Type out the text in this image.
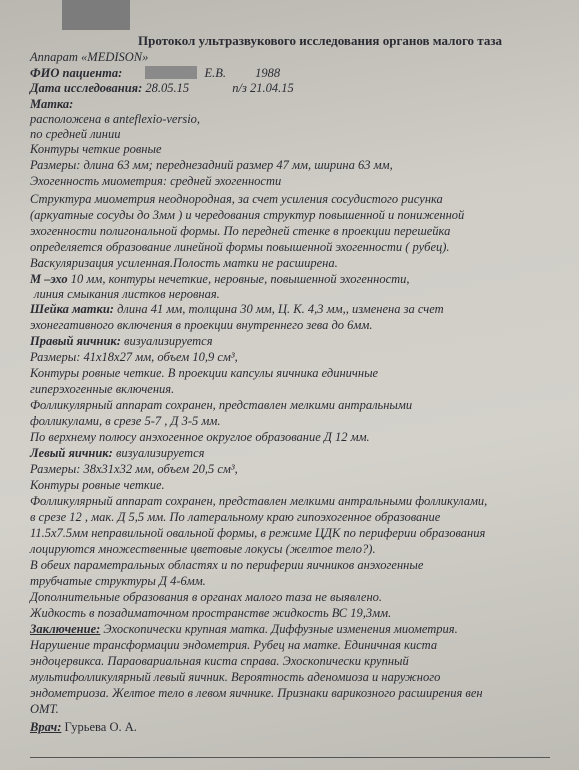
Протокол ультразвукового исследования органов малого таза
Аппарат «MEDISON»
ФИО пациента:	Е.В. 1988
Дата исследования: 28.05.15	п/з 21.04.15
Матка:
расположена в anteflexio-versio,
по средней линии
Контуры четкие ровные
Размеры: длина 63 мм; переднезадний размер 47 мм, ширина 63 мм,
Эхогенность миометрия: средней эхогенности
Структура миометрия неоднородная, за счет усиления сосудистого рисунка
(аркуатные сосуды до 3мм ) и чередования структур повышенной и пониженной
эхогенности полигональной формы. По передней стенке в проекции перешейка
определяется образование линейной формы повышенной эхогенности ( рубец).
Васкуляризация усиленная.Полость матки не расширена.
М –эхо 10 мм, контуры нечеткие, неровные, повышенной эхогенности,
линия смыкания листков неровная.
Шейка матки: длина 41 мм, толщина 30 мм, Ц. К. 4,3 мм,, изменена за счет
эхонегативного включения в проекции внутреннего зева до 6мм.
Правый яичник: визуализируется
Размеры: 41х18х27 мм, объем 10,9 см³,
Контуры ровные четкие. В проекции капсулы яичника единичные
гиперэхогенные включения.
Фолликулярный аппарат сохранен, представлен мелкими антральными
фолликулами, в срезе 5-7 , Д 3-5 мм.
По верхнему полюсу анэхогенное округлое образование Д 12 мм.
Левый яичник: визуализируется
Размеры: 38х31х32 мм, объем 20,5 см³,
Контуры ровные четкие.
Фолликулярный аппарат сохранен, представлен мелкими антральными фолликулами,
в срезе 12 , мак. Д 5,5 мм. По латеральному краю гипоэхогенное образование
11.5х7.5мм неправильной овальной формы, в режиме ЦДК по периферии образования
лоцируются множественные цветовые локусы (желтое тело?).
В обеих параметральных областях и по периферии яичников анэхогенные
трубчатые структуры Д 4-6мм.
Дополнительные образования в органах малого таза не выявлено.
Жидкость в позадиматочном пространстве жидкость ВС 19,3мм.
Заключение: Эхоскопически крупная матка. Диффузные изменения миометрия.
Нарушение трансформации эндометрия. Рубец на матке. Единичная киста
эндоцервикса. Параовариальная киста справа. Эхоскопически крупный
мультифолликулярный левый яичник. Вероятность аденомиоза и наружного
эндометриоза. Желтое тело в левом яичнике. Признаки варикозного расширения вен
ОМТ.
Врач: Гурьева О. А.
